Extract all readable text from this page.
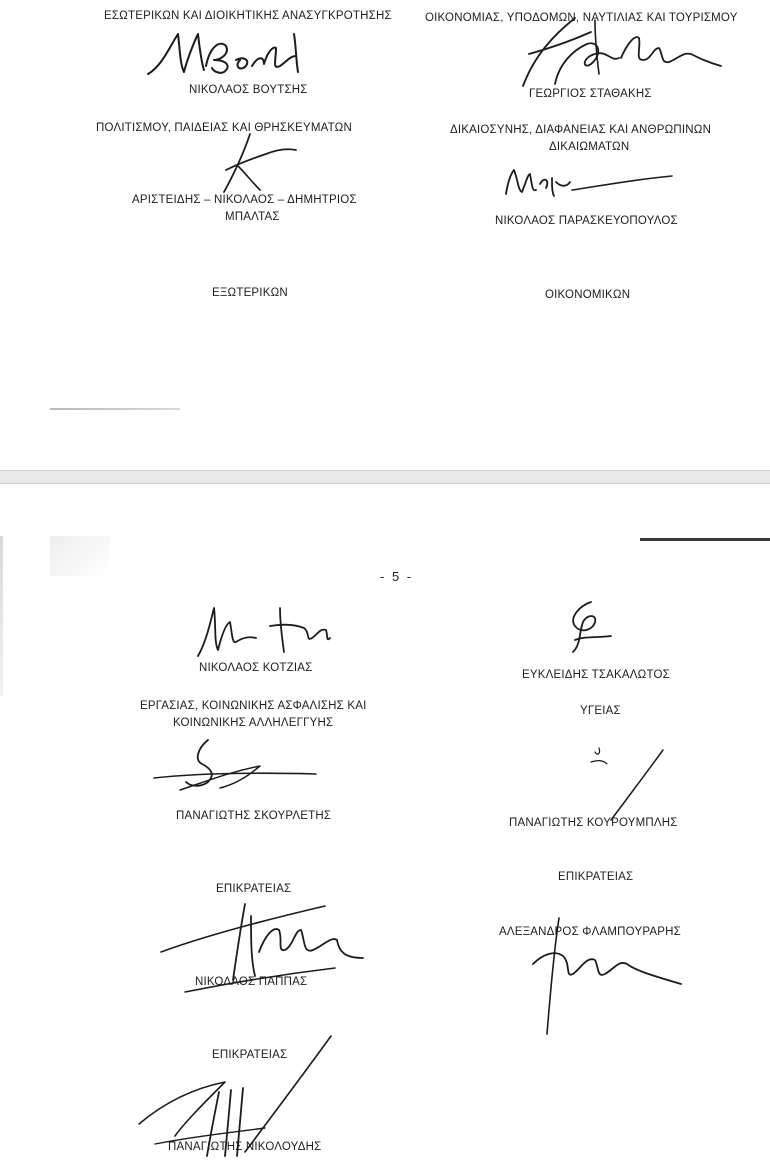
ΕΣΩΤΕΡΙΚΩΝ ΚΑΙ ΔΙΟΙΚΗΤΙΚΗΣ ΑΝΑΣΥΓΚΡΟΤΗΣΗΣ
ΝΙΚΟΛΑΟΣ ΒΟΥΤΣΗΣ
ΠΟΛΙΤΙΣΜΟΥ, ΠΑΙΔΕΙΑΣ ΚΑΙ ΘΡΗΣΚΕΥΜΑΤΩΝ
ΑΡΙΣΤΕΙΔΗΣ – ΝΙΚΟΛΑΟΣ – ΔΗΜΗΤΡΙΟΣ
ΜΠΑΛΤΑΣ
ΕΞΩΤΕΡΙΚΩΝ
ΟΙΚΟΝΟΜΙΑΣ, ΥΠΟΔΟΜΩΝ, ΝΑΥΤΙΛΙΑΣ ΚΑΙ ΤΟΥΡΙΣΜΟΥ
ΓΕΩΡΓΙΟΣ ΣΤΑΘΑΚΗΣ
ΔΙΚΑΙΟΣΥΝΗΣ, ΔΙΑΦΑΝΕΙΑΣ ΚΑΙ ΑΝΘΡΩΠΙΝΩΝ
ΔΙΚΑΙΩΜΑΤΩΝ
ΝΙΚΟΛΑΟΣ ΠΑΡΑΣΚΕΥΟΠΟΥΛΟΣ
ΟΙΚΟΝΟΜΙΚΩΝ
- 5 -
ΝΙΚΟΛΑΟΣ ΚΟΤΖΙΑΣ
ΕΡΓΑΣΙΑΣ, ΚΟΙΝΩΝΙΚΗΣ ΑΣΦΑΛΙΣΗΣ ΚΑΙ
ΚΟΙΝΩΝΙΚΗΣ ΑΛΛΗΛΕΓΓΥΗΣ
ΠΑΝΑΓΙΩΤΗΣ ΣΚΟΥΡΛΕΤΗΣ
ΕΠΙΚΡΑΤΕΙΑΣ
ΝΙΚΟΛΑΟΣ ΠΑΠΠΑΣ
ΕΠΙΚΡΑΤΕΙΑΣ
ΠΑΝΑΓΙΩΤΗΣ ΝΙΚΟΛΟΥΔΗΣ
ΕΥΚΛΕΙΔΗΣ ΤΣΑΚΑΛΩΤΟΣ
ΥΓΕΙΑΣ
ΠΑΝΑΓΙΩΤΗΣ ΚΟΥΡΟΥΜΠΛΗΣ
ΕΠΙΚΡΑΤΕΙΑΣ
ΑΛΕΞΑΝΔΡΟΣ ΦΛΑΜΠΟΥΡΑΡΗΣ
